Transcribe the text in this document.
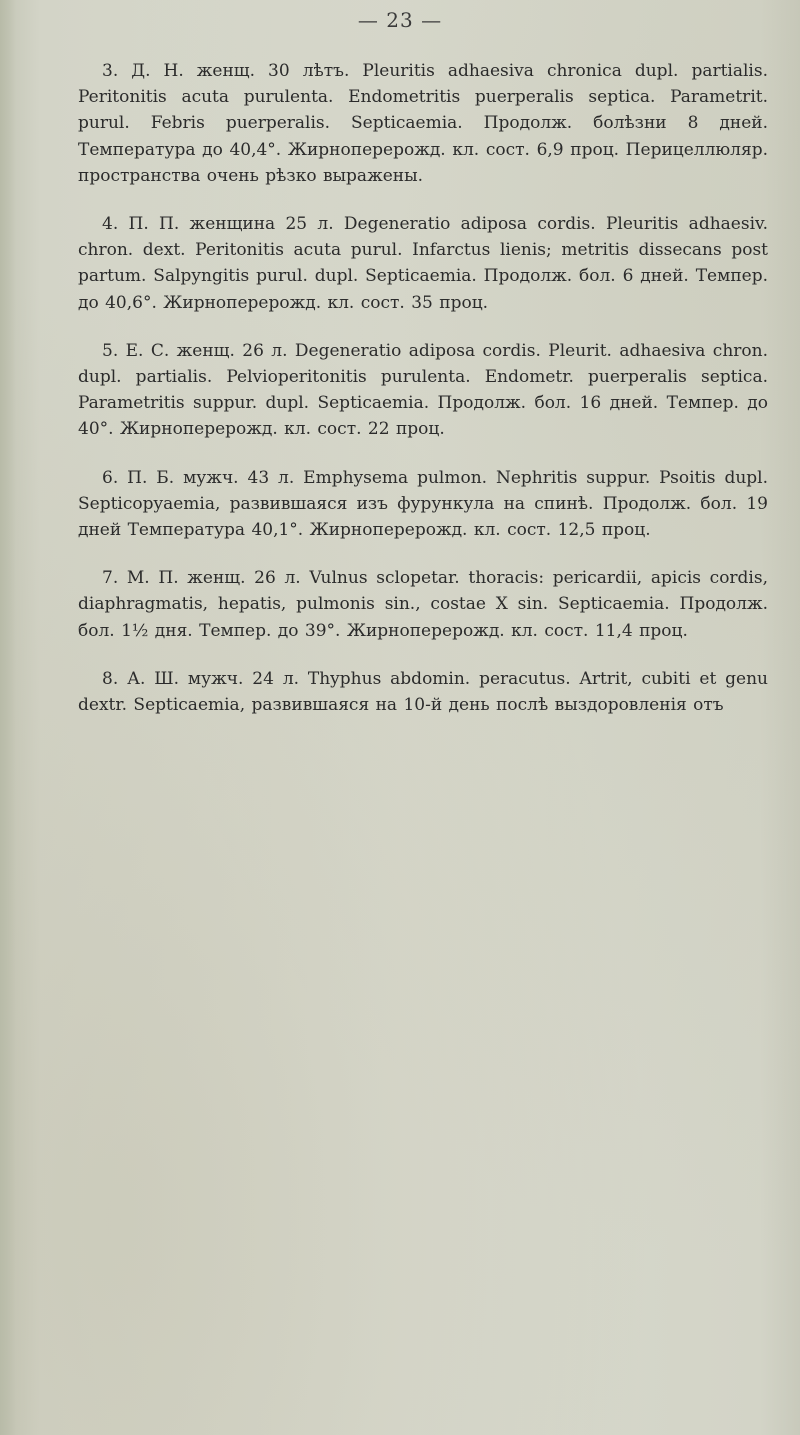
— 23 —

3. Д. Н. женщ. 30 лѣтъ. Pleuritis adhaesiva chronica dupl. partialis. Peritonitis acuta purulenta. Endometritis puerperalis septica. Parametrit. purul. Febris puerperalis. Septicaemia. Продолж. болѣзни 8 дней. Температура до 40,4°. Жирноперерожд. кл. сост. 6,9 проц. Перицеллюляр. пространства очень рѣзко выражены.

4. П. П. женщина 25 л. Degeneratio adiposa cordis. Pleuritis adhaesiv. chron. dext. Peritonitis acuta purul. Infarctus lienis; metritis dissecans post partum. Salpyngitis purul. dupl. Septicaemia. Продолж. бол. 6 дней. Темпер. до 40,6°. Жирноперерожд. кл. сост. 35 проц.

5. Е. С. женщ. 26 л. Degeneratio adiposa cordis. Pleurit. adhaesiva chron. dupl. partialis. Pelvioperitonitis purulenta. Endometr. puerperalis septica. Parametritis suppur. dupl. Septicaemia. Продолж. бол. 16 дней. Темпер. до 40°. Жирноперерожд. кл. сост. 22 проц.

6. П. Б. мужч. 43 л. Emphysema pulmon. Nephritis suppur. Psoitis dupl. Septicopyaemia, развившаяся изъ фурункула на спинѣ. Продолж. бол. 19 дней Температура 40,1°. Жирноперерожд. кл. сост. 12,5 проц.

7. М. П. женщ. 26 л. Vulnus sclopetar. thoracis: pericardii, apicis cordis, diaphragmatis, hepatis, pulmonis sin., costae X sin. Septicaemia. Продолж. бол. 1½ дня. Темпер. до 39°. Жирноперерожд. кл. сост. 11,4 проц.

8. А. Ш. мужч. 24 л. Thyphus abdomin. peracutus. Artrit, cubiti et genu dextr. Septicaemia, развившаяся на 10-й день послѣ выздоровленія отъ
